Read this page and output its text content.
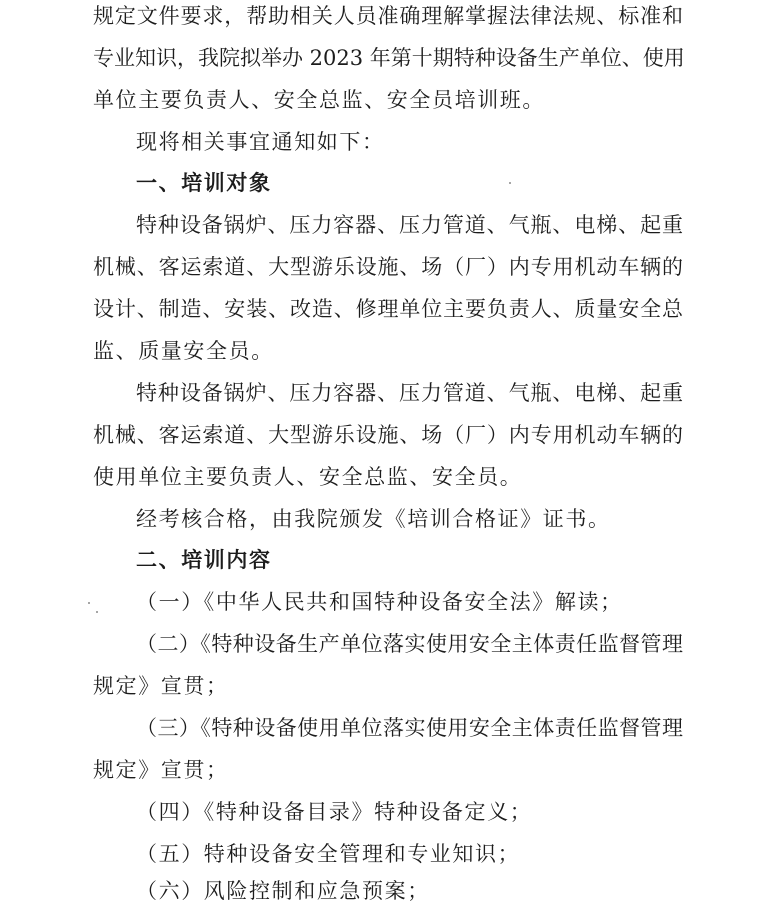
规定文件要求，帮助相关人员准确理解掌握法律法规、标准和
专业知识，我院拟举办 2023 年第十期特种设备生产单位、使用
单位主要负责人、安全总监、安全员培训班。
现将相关事宜通知如下：
一、培训对象
特种设备锅炉、压力容器、压力管道、气瓶、电梯、起重
机械、客运索道、大型游乐设施、场（厂）内专用机动车辆的
设计、制造、安装、改造、修理单位主要负责人、质量安全总
监、质量安全员。
特种设备锅炉、压力容器、压力管道、气瓶、电梯、起重
机械、客运索道、大型游乐设施、场（厂）内专用机动车辆的
使用单位主要负责人、安全总监、安全员。
经考核合格，由我院颁发《培训合格证》证书。
二、培训内容
（一）《中华人民共和国特种设备安全法》解读；
（二）《特种设备生产单位落实使用安全主体责任监督管理
规定》宣贯；
（三）《特种设备使用单位落实使用安全主体责任监督管理
规定》宣贯；
（四）《特种设备目录》特种设备定义；
（五）特种设备安全管理和专业知识；
（六）风险控制和应急预案；
